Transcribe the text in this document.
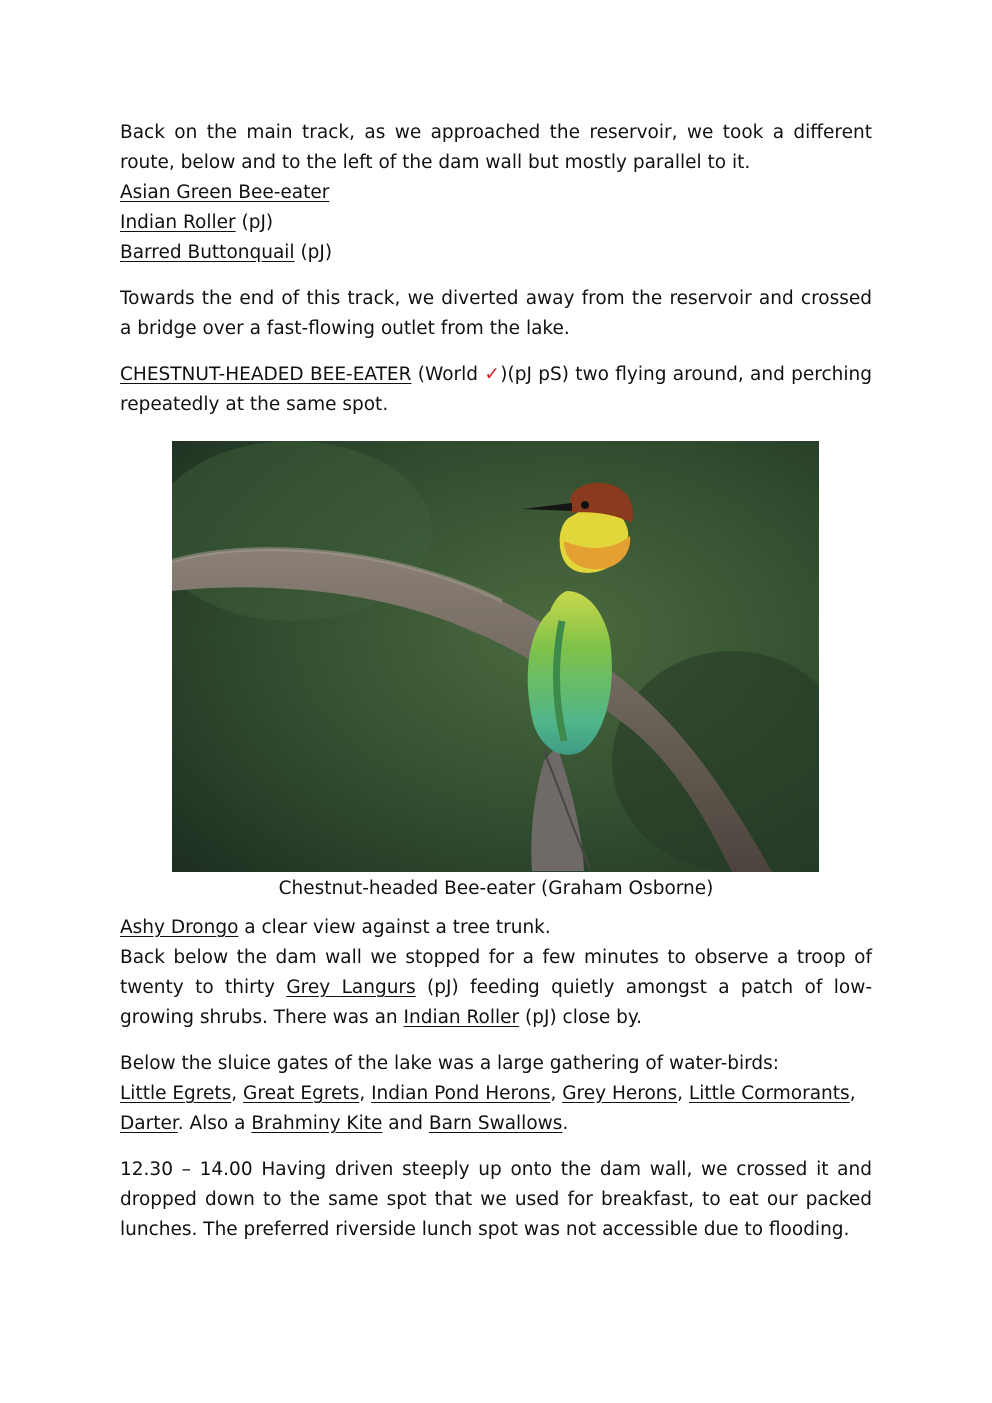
Back on the main track, as we approached the reservoir, we took a different route, below and to the left of the dam wall but mostly parallel to it.

Asian Green Bee-eater
Indian Roller (pJ)
Barred Buttonquail (pJ)

Towards the end of this track, we diverted away from the reservoir and crossed a bridge over a fast-flowing outlet from the lake.

CHESTNUT-HEADED BEE-EATER (World ✓)(pJ pS) two flying around, and perching repeatedly at the same spot.

Chestnut-headed Bee-eater (Graham Osborne)

Ashy Drongo a clear view against a tree trunk.
Back below the dam wall we stopped for a few minutes to observe a troop of twenty to thirty Grey Langurs (pJ) feeding quietly amongst a patch of low-growing shrubs. There was an Indian Roller (pJ) close by.

Below the sluice gates of the lake was a large gathering of water-birds:
Little Egrets, Great Egrets, Indian Pond Herons, Grey Herons, Little Cormorants, Darter. Also a Brahminy Kite and Barn Swallows.

12.30 – 14.00 Having driven steeply up onto the dam wall, we crossed it and dropped down to the same spot that we used for breakfast, to eat our packed lunches. The preferred riverside lunch spot was not accessible due to flooding.
